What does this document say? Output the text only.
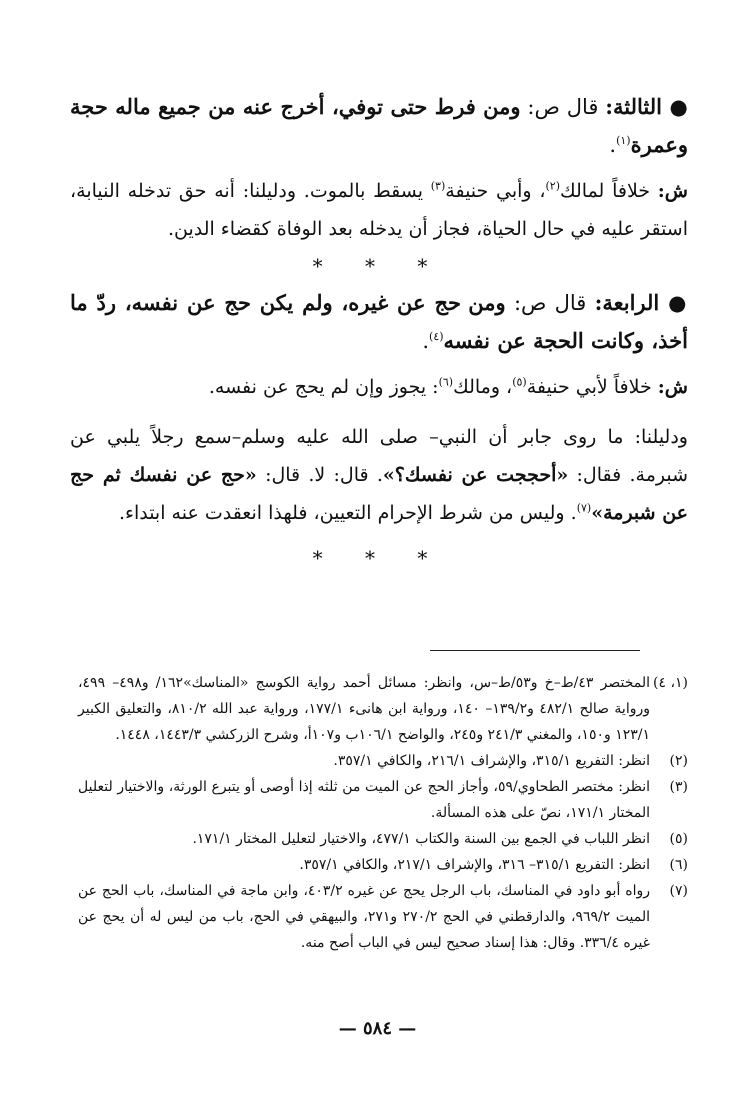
● الثالثة: قال ص: ومن فرط حتى توفي، أخرج عنه من جميع ماله حجة وعمرة$^{(١)}$.

ش: خلافاً لمالك$^{(٢)}$، وأبي حنيفة$^{(٣)}$ يسقط بالموت. ودليلنا: أنه حق تدخله النيابة، استقر عليه في حال الحياة، فجاز أن يدخله بعد الوفاة كقضاء الدين.

* * *

● الرابعة: قال ص: ومن حج عن غيره، ولم يكن حج عن نفسه، ردّ ما أخذ، وكانت الحجة عن نفسه$^{(٤)}$.

ش: خلافاً لأبي حنيفة$^{(٥)}$، ومالك$^{(٦)}$: يجوز وإن لم يحج عن نفسه.

ودليلنا: ما روى جابر أن النبي– صلى الله عليه وسلم–سمع رجلاً يلبي عن شبرمة. فقال: «أحججت عن نفسك؟». قال: لا. قال: «حج عن نفسك ثم حج عن شبرمة»$^{(٧)}$. وليس من شرط الإحرام التعيين، فلهذا انعقدت عنه ابتداء.

* * *
(١، ٤)
المختصر ٤٣/ط–خ و٥٣/ط–س، وانظر: مسائل أحمد رواية الكوسج «المناسك»١٦٢/ و٤٩٨– ٤٩٩، ورواية صالح ٤٨٢/١ و١٣٩/٢– ١٤٠، ورواية ابن هانىء ١٧٧/١، ورواية عبد الله ٨١٠/٢، والتعليق الكبير ١٢٣/١ و١٥٠، والمغني ٢٤١/٣ و٢٤٥، والواضح ١٠٦/١ب و١٠٧أ، وشرح الزركشي ١٤٤٣/٣، ١٤٤٨.
(٢)
انظر: التفريع ٣١٥/١، والإشراف ٢١٦/١، والكافي ٣٥٧/١.
(٣)
انظر: مختصر الطحاوي/٥٩، وأجاز الحج عن الميت من ثلثه إذا أوصى أو يتبرع الورثة، والاختيار لتعليل المختار ١٧١/١، نصّ على هذه المسألة.
(٥)
انظر اللباب في الجمع بين السنة والكتاب ٤٧٧/١، والاختيار لتعليل المختار ١٧١/١.
(٦)
انظر: التفريع ٣١٥/١– ٣١٦، والإشراف ٢١٧/١، والكافي ٣٥٧/١.
(٧)
رواه أبو داود في المناسك، باب الرجل يحج عن غيره ٤٠٣/٢، وابن ماجة في المناسك، باب الحج عن الميت ٩٦٩/٢، والدارقطني في الحج ٢٧٠/٢ و٢٧١، والبيهقي في الحج، باب من ليس له أن يحج عن غيره ٣٣٦/٤. وقال: هذا إسناد صحيح ليس في الباب أصح منه.
— ٥٨٤ —
